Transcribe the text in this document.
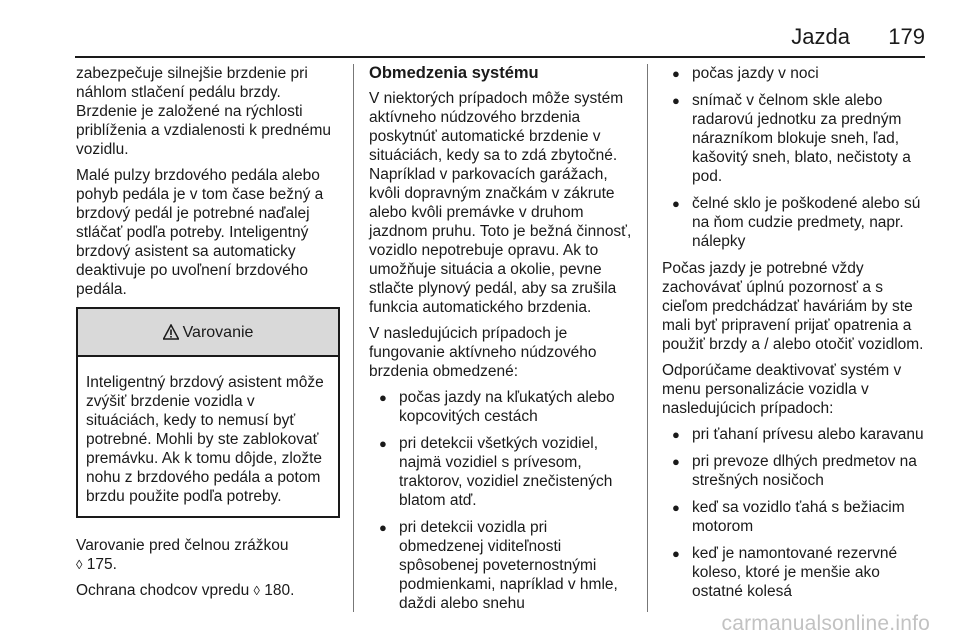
Jazda 179

zabezpečuje silnejšie brzdenie pri náhlom stlačení pedálu brzdy. Brzdenie je založené na rýchlosti priblíženia a vzdialenosti k prednému vozidlu.

Malé pulzy brzdového pedála alebo pohyb pedála je v tom čase bežný a brzdový pedál je potrebné naďalej stláčať podľa potreby. Inteligentný brzdový asistent sa automaticky deaktivuje po uvoľnení brzdového pedála.

Varovanie
Inteligentný brzdový asistent môže zvýšiť brzdenie vozidla v situáciách, kedy to nemusí byť potrebné. Mohli by ste zablokovať premávku. Ak k tomu dôjde, zložte nohu z brzdového pedála a potom brzdu použite podľa potreby.

Varovanie pred čelnou zrážkou
◊ 175.

Ochrana chodcov vpredu ◊ 180.

Obmedzenia systému

V niektorých prípadoch môže systém aktívneho núdzového brzdenia poskytnúť automatické brzdenie v situáciách, kedy sa to zdá zbytočné. Napríklad v parkovacích garážach, kvôli dopravným značkám v zákrute alebo kvôli premávke v druhom jazdnom pruhu. Toto je bežná činnosť, vozidlo nepotrebuje opravu. Ak to umožňuje situácia a okolie, pevne stlačte plynový pedál, aby sa zrušila funkcia automatického brzdenia.

V nasledujúcich prípadoch je fungovanie aktívneho núdzového brzdenia obmedzené:

● počas jazdy na kľukatých alebo kopcovitých cestách
● pri detekcii všetkých vozidiel, najmä vozidiel s prívesom, traktorov, vozidiel znečistených blatom atď.
● pri detekcii vozidla pri obmedzenej viditeľnosti spôsobenej poveternostnými podmienkami, napríklad v hmle, daždi alebo snehu
● počas jazdy v noci
● snímač v čelnom skle alebo radarovú jednotku za predným nárazníkom blokuje sneh, ľad, kašovitý sneh, blato, nečistoty a pod.
● čelné sklo je poškodené alebo sú na ňom cudzie predmety, napr. nálepky

Počas jazdy je potrebné vždy zachovávať úplnú pozornosť a s cieľom predchádzať haváriám by ste mali byť pripravení prijať opatrenia a použiť brzdy a / alebo otočiť vozidlom.

Odporúčame deaktivovať systém v menu personalizácie vozidla v nasledujúcich prípadoch:

● pri ťahaní prívesu alebo karavanu
● pri prevoze dlhých predmetov na strešných nosičoch
● keď sa vozidlo ťahá s bežiacim motorom
● keď je namontované rezervné koleso, ktoré je menšie ako ostatné kolesá
carmanualsonline.info
